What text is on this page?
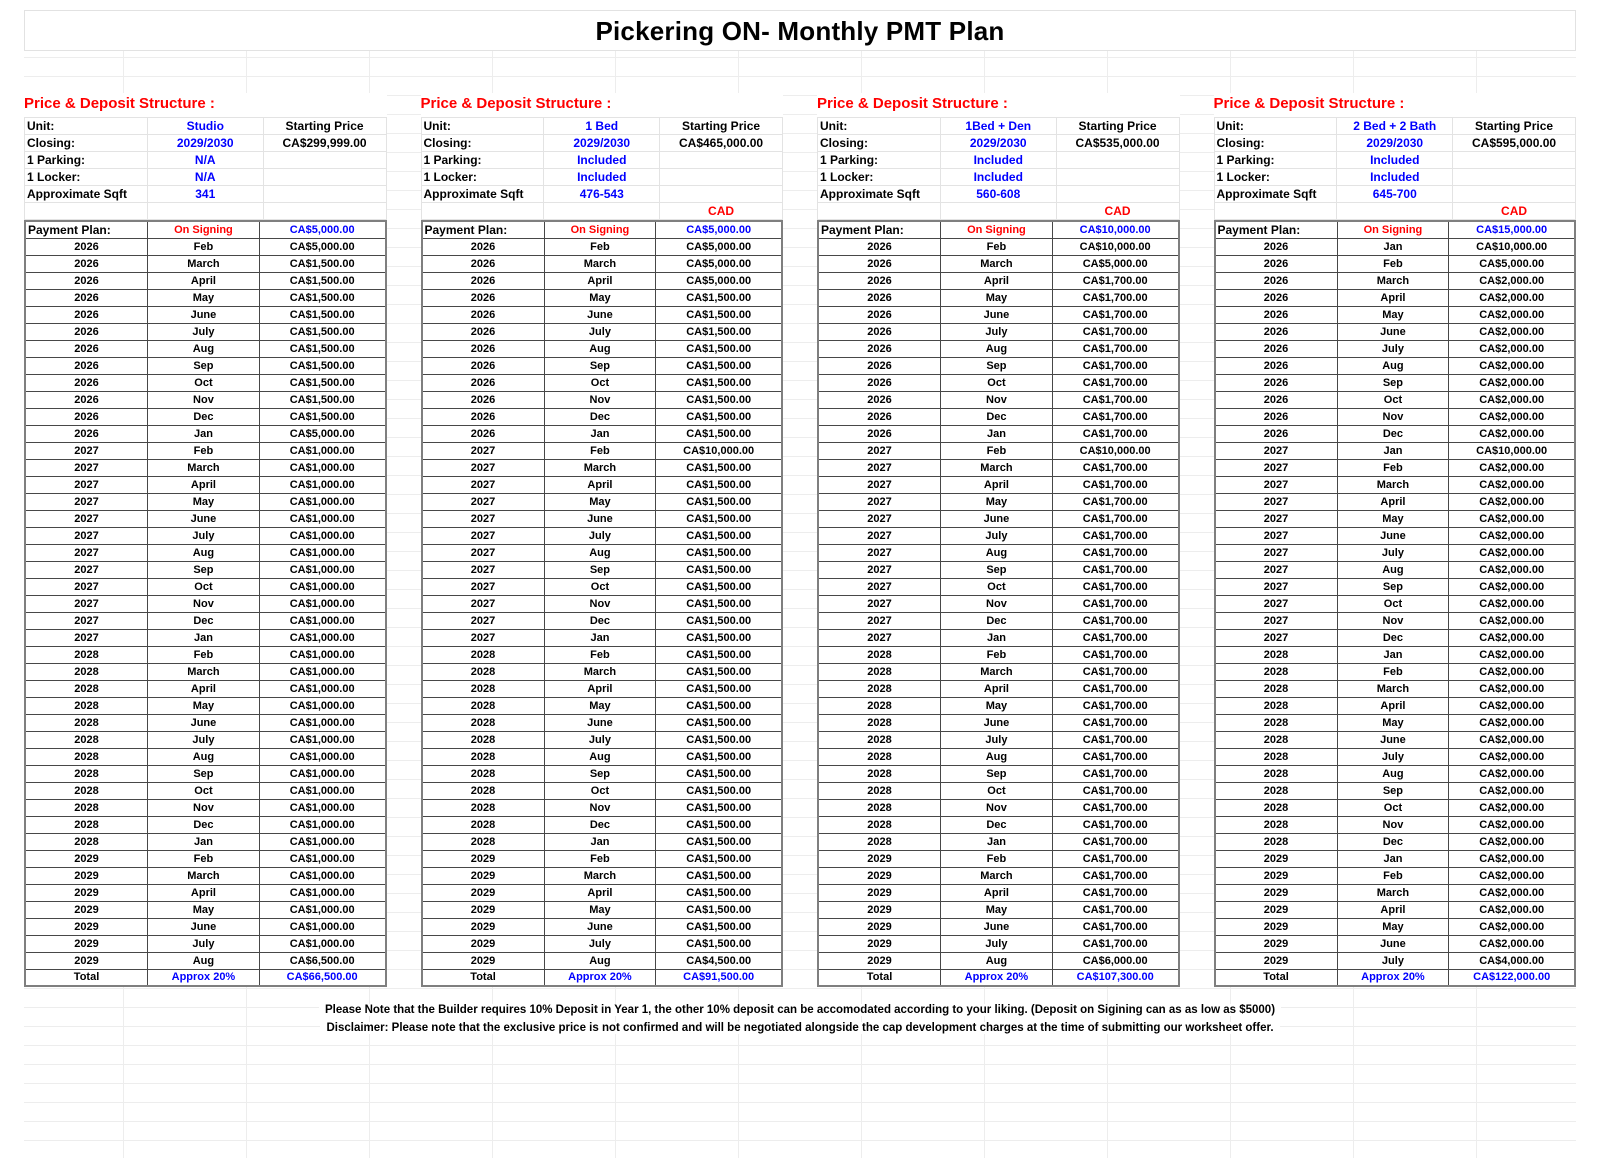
Pickering ON- Monthly PMT Plan
Price & Deposit Structure :
Unit:	Studio	Starting Price
Closing:	2029/2030	CA$299,999.00
1 Parking:	N/A	
1 Locker:	N/A	
Approximate Sqft	341	

Payment Plan:	On Signing	CA$5,000.00
2026	Feb	CA$5,000.00
2026	March	CA$1,500.00
2026	April	CA$1,500.00
2026	May	CA$1,500.00
2026	June	CA$1,500.00
2026	July	CA$1,500.00
2026	Aug	CA$1,500.00
2026	Sep	CA$1,500.00
2026	Oct	CA$1,500.00
2026	Nov	CA$1,500.00
2026	Dec	CA$1,500.00
2026	Jan	CA$5,000.00
2027	Feb	CA$1,000.00
2027	March	CA$1,000.00
2027	April	CA$1,000.00
2027	May	CA$1,000.00
2027	June	CA$1,000.00
2027	July	CA$1,000.00
2027	Aug	CA$1,000.00
2027	Sep	CA$1,000.00
2027	Oct	CA$1,000.00
2027	Nov	CA$1,000.00
2027	Dec	CA$1,000.00
2027	Jan	CA$1,000.00
2028	Feb	CA$1,000.00
2028	March	CA$1,000.00
2028	April	CA$1,000.00
2028	May	CA$1,000.00
2028	June	CA$1,000.00
2028	July	CA$1,000.00
2028	Aug	CA$1,000.00
2028	Sep	CA$1,000.00
2028	Oct	CA$1,000.00
2028	Nov	CA$1,000.00
2028	Dec	CA$1,000.00
2028	Jan	CA$1,000.00
2029	Feb	CA$1,000.00
2029	March	CA$1,000.00
2029	April	CA$1,000.00
2029	May	CA$1,000.00
2029	June	CA$1,000.00
2029	July	CA$1,000.00
2029	Aug	CA$6,500.00
Total	Approx 20%	CA$66,500.00
Price & Deposit Structure :
Unit:	1 Bed	Starting Price
Closing:	2029/2030	CA$465,000.00
1 Parking:	Included	
1 Locker:	Included	
Approximate Sqft	476-543	
		CAD
Payment Plan:	On Signing	CA$5,000.00
2026	Feb	CA$5,000.00
2026	March	CA$5,000.00
2026	April	CA$5,000.00
2026	May	CA$1,500.00
2026	June	CA$1,500.00
2026	July	CA$1,500.00
2026	Aug	CA$1,500.00
2026	Sep	CA$1,500.00
2026	Oct	CA$1,500.00
2026	Nov	CA$1,500.00
2026	Dec	CA$1,500.00
2026	Jan	CA$1,500.00
2027	Feb	CA$10,000.00
2027	March	CA$1,500.00
2027	April	CA$1,500.00
2027	May	CA$1,500.00
2027	June	CA$1,500.00
2027	July	CA$1,500.00
2027	Aug	CA$1,500.00
2027	Sep	CA$1,500.00
2027	Oct	CA$1,500.00
2027	Nov	CA$1,500.00
2027	Dec	CA$1,500.00
2027	Jan	CA$1,500.00
2028	Feb	CA$1,500.00
2028	March	CA$1,500.00
2028	April	CA$1,500.00
2028	May	CA$1,500.00
2028	June	CA$1,500.00
2028	July	CA$1,500.00
2028	Aug	CA$1,500.00
2028	Sep	CA$1,500.00
2028	Oct	CA$1,500.00
2028	Nov	CA$1,500.00
2028	Dec	CA$1,500.00
2028	Jan	CA$1,500.00
2029	Feb	CA$1,500.00
2029	March	CA$1,500.00
2029	April	CA$1,500.00
2029	May	CA$1,500.00
2029	June	CA$1,500.00
2029	July	CA$1,500.00
2029	Aug	CA$4,500.00
Total	Approx 20%	CA$91,500.00
Price & Deposit Structure :
Unit:	1Bed + Den	Starting Price
Closing:	2029/2030	CA$535,000.00
1 Parking:	Included	
1 Locker:	Included	
Approximate Sqft	560-608	
		CAD
Payment Plan:	On Signing	CA$10,000.00
2026	Feb	CA$10,000.00
2026	March	CA$5,000.00
2026	April	CA$1,700.00
2026	May	CA$1,700.00
2026	June	CA$1,700.00
2026	July	CA$1,700.00
2026	Aug	CA$1,700.00
2026	Sep	CA$1,700.00
2026	Oct	CA$1,700.00
2026	Nov	CA$1,700.00
2026	Dec	CA$1,700.00
2026	Jan	CA$1,700.00
2027	Feb	CA$10,000.00
2027	March	CA$1,700.00
2027	April	CA$1,700.00
2027	May	CA$1,700.00
2027	June	CA$1,700.00
2027	July	CA$1,700.00
2027	Aug	CA$1,700.00
2027	Sep	CA$1,700.00
2027	Oct	CA$1,700.00
2027	Nov	CA$1,700.00
2027	Dec	CA$1,700.00
2027	Jan	CA$1,700.00
2028	Feb	CA$1,700.00
2028	March	CA$1,700.00
2028	April	CA$1,700.00
2028	May	CA$1,700.00
2028	June	CA$1,700.00
2028	July	CA$1,700.00
2028	Aug	CA$1,700.00
2028	Sep	CA$1,700.00
2028	Oct	CA$1,700.00
2028	Nov	CA$1,700.00
2028	Dec	CA$1,700.00
2028	Jan	CA$1,700.00
2029	Feb	CA$1,700.00
2029	March	CA$1,700.00
2029	April	CA$1,700.00
2029	May	CA$1,700.00
2029	June	CA$1,700.00
2029	July	CA$1,700.00
2029	Aug	CA$6,000.00
Total	Approx 20%	CA$107,300.00
Price & Deposit Structure :
Unit:	2 Bed + 2 Bath	Starting Price
Closing:	2029/2030	CA$595,000.00
1 Parking:	Included	
1 Locker:	Included	
Approximate Sqft	645-700	
		CAD
Payment Plan:	On Signing	CA$15,000.00
2026	Jan	CA$10,000.00
2026	Feb	CA$5,000.00
2026	March	CA$2,000.00
2026	April	CA$2,000.00
2026	May	CA$2,000.00
2026	June	CA$2,000.00
2026	July	CA$2,000.00
2026	Aug	CA$2,000.00
2026	Sep	CA$2,000.00
2026	Oct	CA$2,000.00
2026	Nov	CA$2,000.00
2026	Dec	CA$2,000.00
2027	Jan	CA$10,000.00
2027	Feb	CA$2,000.00
2027	March	CA$2,000.00
2027	April	CA$2,000.00
2027	May	CA$2,000.00
2027	June	CA$2,000.00
2027	July	CA$2,000.00
2027	Aug	CA$2,000.00
2027	Sep	CA$2,000.00
2027	Oct	CA$2,000.00
2027	Nov	CA$2,000.00
2027	Dec	CA$2,000.00
2028	Jan	CA$2,000.00
2028	Feb	CA$2,000.00
2028	March	CA$2,000.00
2028	April	CA$2,000.00
2028	May	CA$2,000.00
2028	June	CA$2,000.00
2028	July	CA$2,000.00
2028	Aug	CA$2,000.00
2028	Sep	CA$2,000.00
2028	Oct	CA$2,000.00
2028	Nov	CA$2,000.00
2028	Dec	CA$2,000.00
2029	Jan	CA$2,000.00
2029	Feb	CA$2,000.00
2029	March	CA$2,000.00
2029	April	CA$2,000.00
2029	May	CA$2,000.00
2029	June	CA$2,000.00
2029	July	CA$4,000.00
Total	Approx 20%	CA$122,000.00
Please Note that the Builder requires 10% Deposit in Year 1, the other 10% deposit can be accomodated according to your liking. (Deposit on Sigining can as as low as $5000)
Disclaimer: Please note that the exclusive price is not confirmed and will be negotiated alongside the cap development charges at the time of submitting our worksheet offer.
